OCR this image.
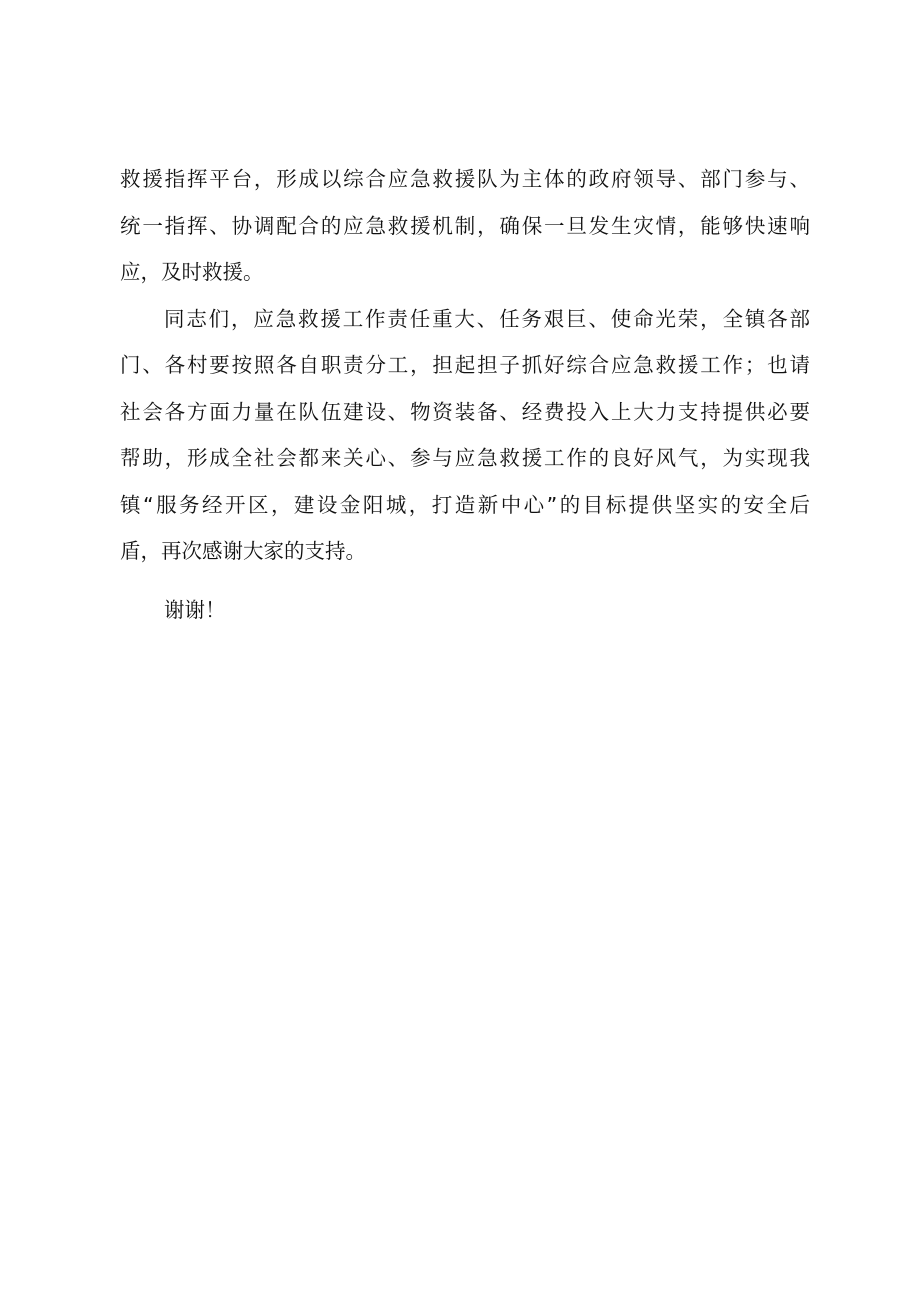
救援指挥平台，形成以综合应急救援队为主体的政府领导、部门参与、
统一指挥、协调配合的应急救援机制，确保一旦发生灾情，能够快速响
应，及时救援。
同志们，应急救援工作责任重大、任务艰巨、使命光荣，全镇各部
门、各村要按照各自职责分工，担起担子抓好综合应急救援工作；也请
社会各方面力量在队伍建设、物资装备、经费投入上大力支持提供必要
帮助，形成全社会都来关心、参与应急救援工作的良好风气，为实现我
镇“服务经开区，建设金阳城，打造新中心”的目标提供坚实的安全后
盾，再次感谢大家的支持。
谢谢！
